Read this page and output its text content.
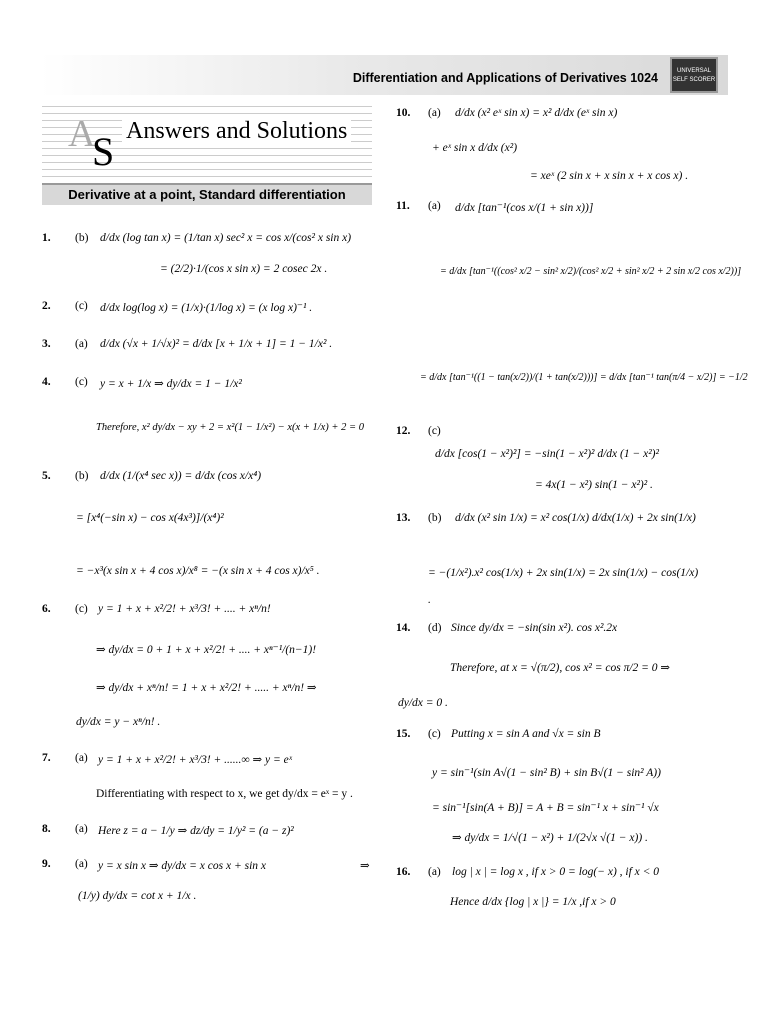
Differentiation and Applications of Derivatives 1024	UNIVERSAL SELF SCORER
A
S Answers and Solutions
Derivative at a point, Standard differentiation
1. (b) d/dx (log tan x) = (1/tan x) sec² x = cos x/(cos² x sin x)
= (2/2)·1/(cos x sin x) = 2 cosec 2x .
2. (c) d/dx log(log x) = (1/x)·(1/log x) = (x log x)⁻¹ .
3. (a) d/dx (√x + 1/√x)² = d/dx [x + 1/x + 1] = 1 − 1/x² .
4. (c) y = x + 1/x ⇒ dy/dx = 1 − 1/x²
Therefore, x² dy/dx − xy + 2 = x²(1 − 1/x²) − x(x + 1/x) + 2 = 0
5. (b) d/dx (1/(x⁴ sec x)) = d/dx (cos x/x⁴)
= [x⁴(−sin x) − cos x(4x³)]/(x⁴)²
= −x³(x sin x + 4 cos x)/x⁸ = −(x sin x + 4 cos x)/x⁵ .
6. (c) y = 1 + x + x²/2! + x³/3! + .... + xⁿ/n!
⇒ dy/dx = 0 + 1 + x + x²/2! + .... + xⁿ⁻¹/(n−1)!
⇒ dy/dx + xⁿ/n! = 1 + x + x²/2! + ..... + xⁿ/n! ⇒
dy/dx = y − xⁿ/n! .
7. (a) y = 1 + x + x²/2! + x³/3! + ......∞ ⇒ y = eˣ
Differentiating with respect to x, we get dy/dx = eˣ = y .
8. (a) Here z = a − 1/y ⇒ dz/dy = 1/y² = (a − z)²
9. (a) y = x sin x ⇒ dy/dx = x cos x + sin x	⇒
(1/y) dy/dx = cot x + 1/x .
10. (a) d/dx (x² eˣ sin x) = x² d/dx (eˣ sin x)
+ eˣ sin x d/dx (x²)
= xeˣ (2 sin x + x sin x + x cos x) .
11. (a) d/dx [tan⁻¹(cos x/(1 + sin x))]
= d/dx [tan⁻¹((cos² x/2 − sin² x/2)/(cos² x/2 + sin² x/2 + 2 sin x/2 cos x/2))]
= d/dx [tan⁻¹((1 − tan(x/2))/(1 + tan(x/2)))] = d/dx [tan⁻¹ tan(π/4 − x/2)] = −1/2
12. (c)
d/dx [cos(1 − x²)²] = −sin(1 − x²)² d/dx (1 − x²)²
= 4x(1 − x²) sin(1 − x²)² .
13. (b) d/dx (x² sin 1/x) = x² cos(1/x) d/dx(1/x) + 2x sin(1/x)
= −(1/x²).x² cos(1/x) + 2x sin(1/x) = 2x sin(1/x) − cos(1/x)
.
14. (d) Since dy/dx = −sin(sin x²). cos x².2x
Therefore, at x = √(π/2), cos x² = cos π/2 = 0 ⇒
dy/dx = 0 .
15. (c) Putting x = sin A and √x = sin B
y = sin⁻¹(sin A√(1 − sin² B) + sin B√(1 − sin² A))
= sin⁻¹[sin(A + B)] = A + B = sin⁻¹ x + sin⁻¹ √x
⇒ dy/dx = 1/√(1 − x²) + 1/(2√x √(1 − x)) .
16. (a) log | x | = log x , if x > 0 = log(− x) , if x < 0
Hence d/dx {log | x |} = 1/x ,if x > 0
